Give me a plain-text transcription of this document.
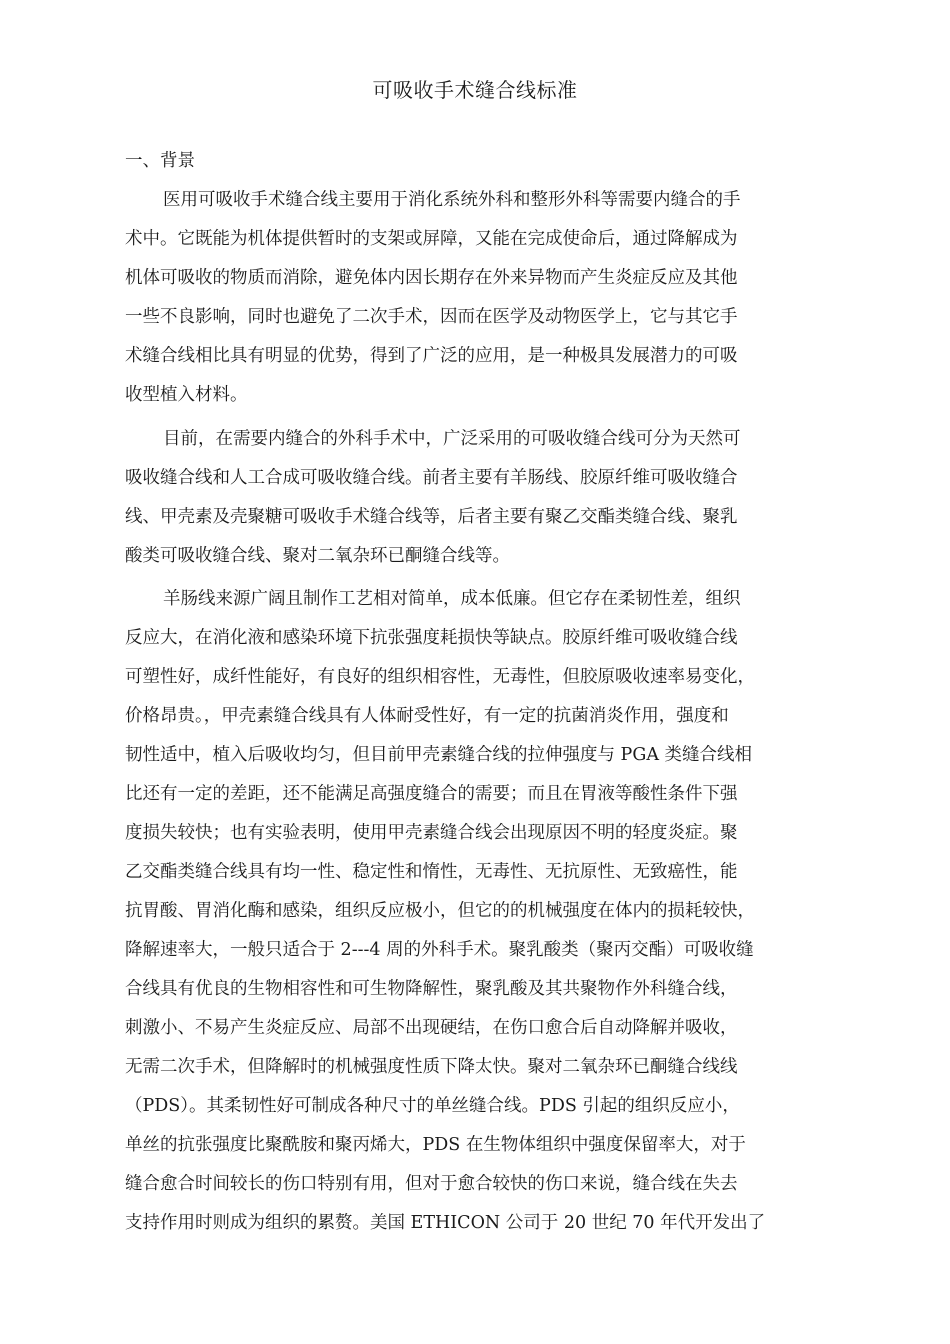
可吸收手术缝合线标准
一、背景
医用可吸收手术缝合线主要用于消化系统外科和整形外科等需要内缝合的手
术中。它既能为机体提供暂时的支架或屏障，又能在完成使命后，通过降解成为
机体可吸收的物质而消除，避免体内因长期存在外来异物而产生炎症反应及其他
一些不良影响，同时也避免了二次手术，因而在医学及动物医学上，它与其它手
术缝合线相比具有明显的优势，得到了广泛的应用，是一种极具发展潜力的可吸
收型植入材料。
目前，在需要内缝合的外科手术中，广泛采用的可吸收缝合线可分为天然可
吸收缝合线和人工合成可吸收缝合线。前者主要有羊肠线、胶原纤维可吸收缝合
线、甲壳素及壳聚糖可吸收手术缝合线等，后者主要有聚乙交酯类缝合线、聚乳
酸类可吸收缝合线、聚对二氧杂环已酮缝合线等。
羊肠线来源广阔且制作工艺相对简单，成本低廉。但它存在柔韧性差，组织
反应大，在消化液和感染环境下抗张强度耗损快等缺点。胶原纤维可吸收缝合线
可塑性好，成纤性能好，有良好的组织相容性，无毒性，但胶原吸收速率易变化，
价格昂贵。，甲壳素缝合线具有人体耐受性好，有一定的抗菌消炎作用，强度和
韧性适中，植入后吸收均匀，但目前甲壳素缝合线的拉伸强度与 PGA 类缝合线相
比还有一定的差距，还不能满足高强度缝合的需要；而且在胃液等酸性条件下强
度损失较快；也有实验表明，使用甲壳素缝合线会出现原因不明的轻度炎症。聚
乙交酯类缝合线具有均一性、稳定性和惰性，无毒性、无抗原性、无致癌性，能
抗胃酸、胃消化酶和感染，组织反应极小，但它的的机械强度在体内的损耗较快，
降解速率大，一般只适合于 2---4 周的外科手术。聚乳酸类（聚丙交酯）可吸收缝
合线具有优良的生物相容性和可生物降解性，聚乳酸及其共聚物作外科缝合线，
刺激小、不易产生炎症反应、局部不出现硬结，在伤口愈合后自动降解并吸收，
无需二次手术，但降解时的机械强度性质下降太快。聚对二氧杂环已酮缝合线线
（PDS）。其柔韧性好可制成各种尺寸的单丝缝合线。PDS 引起的组织反应小，
单丝的抗张强度比聚酰胺和聚丙烯大，PDS 在生物体组织中强度保留率大，对于
缝合愈合时间较长的伤口特别有用，但对于愈合较快的伤口来说，缝合线在失去
支持作用时则成为组织的累赘。美国 ETHICON 公司于 20 世纪 70 年代开发出了
